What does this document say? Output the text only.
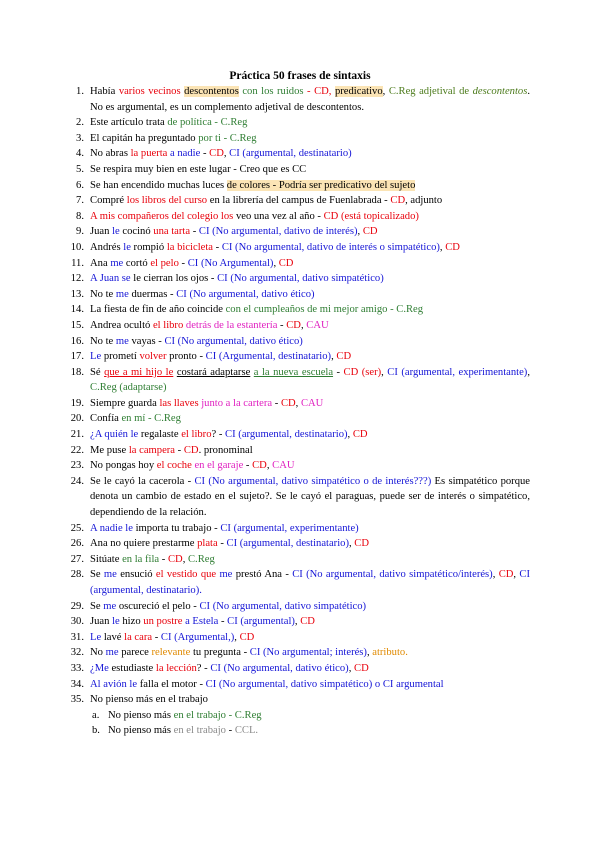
Práctica 50 frases de sintaxis
1. Había varios vecinos descontentos con los ruidos - CD, predicativo, C.Reg adjetival de descontentos. No es argumental, es un complemento adjetival de descontentos.
2. Este artículo trata de política - C.Reg
3. El capitán ha preguntado por ti - C.Reg
4. No abras la puerta a nadie - CD, CI (argumental, destinatario)
5. Se respira muy bien en este lugar - Creo que es CC
6. Se han encendido muchas luces de colores - Podría ser predicativo del sujeto
7. Compré los libros del curso en la librería del campus de Fuenlabrada - CD, adjunto
8. A mis compañeros del colegio los veo una vez al año - CD (está topicalizado)
9. Juan le cocinó una tarta - CI (No argumental, dativo de interés), CD
10. Andrés le rompió la bicicleta - CI (No argumental, dativo de interés o simpatético), CD
11. Ana me cortó el pelo - CI (No Argumental), CD
12. A Juan se le cierran los ojos - CI (No argumental, dativo simpatético)
13. No te me duermas - CI (No argumental, dativo ético)
14. La fiesta de fin de año coincide con el cumpleaños de mi mejor amigo - C.Reg
15. Andrea ocultó el libro detrás de la estantería - CD, CAU
16. No te me vayas - CI (No argumental, dativo ético)
17. Le prometí volver pronto - CI (Argumental, destinatario), CD
18. Sé que a mi hijo le costará adaptarse a la nueva escuela - CD (ser), CI (argumental, experimentante), C.Reg (adaptarse)
19. Siempre guarda las llaves junto a la cartera - CD, CAU
20. Confía en mí - C.Reg
21. ¿A quién le regalaste el libro? - CI (argumental, destinatario), CD
22. Me puse la campera - CD. pronominal
23. No pongas hoy el coche en el garaje - CD, CAU
24. Se le cayó la cacerola - CI (No argumental, dativo simpatético o de interés???) Es simpatético porque denota un cambio de estado en el sujeto?. Se le cayó el paraguas, puede ser de interés o simpatético, dependiendo de la relación.
25. A nadie le importa tu trabajo - CI (argumental, experimentante)
26. Ana no quiere prestarme plata - CI (argumental, destinatario), CD
27. Sitúate en la fila - CD, C.Reg
28. Se me ensució el vestido que me prestó Ana - CI (No argumental, dativo simpatético/interés), CD, CI (argumental, destinatario).
29. Se me oscureció el pelo - CI (No argumental, dativo simpatético)
30. Juan le hizo un postre a Estela - CI (argumental), CD
31. Le lavé la cara - CI (Argumental,), CD
32. No me parece relevante tu pregunta - CI (No argumental; interés), atributo.
33. ¿Me estudiaste la lección? - CI (No argumental, dativo ético), CD
34. Al avión le falla el motor - CI (No argumental, dativo simpatético) o CI argumental
35. No pienso más en el trabajo
a. No pienso más en el trabajo - C.Reg
b. No pienso más en el trabajo - CCL.
